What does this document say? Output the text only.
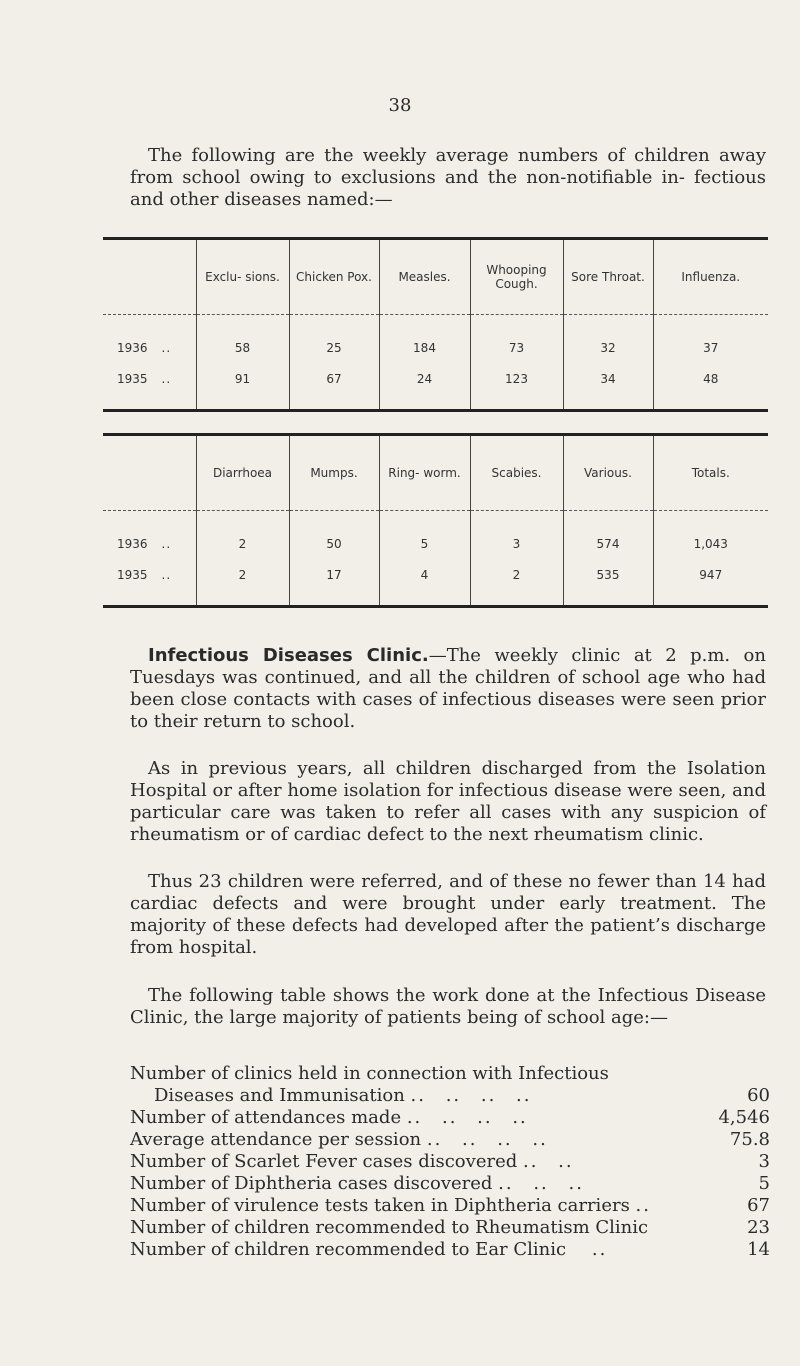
38

The following are the weekly average numbers of children away from school owing to exclusions and the non-notifiable in- fectious and other diseases named:—

	Exclu- sions.	Chicken Pox.	Measles.	Whooping Cough.	Sore Throat.	Influenza.
1936 ..	58	25	184	73	32	37
1935 ..	91	67	24	123	34	48
	Diarrhoea	Mumps.	Ring- worm.	Scabies.	Various.	Totals.
1936 ..	2	50	5	3	574	1,043
1935 ..	2	17	4	2	535	947

Infectious Diseases Clinic.—The weekly clinic at 2 p.m. on Tuesdays was continued, and all the children of school age who had been close contacts with cases of infectious diseases were seen prior to their return to school.

As in previous years, all children discharged from the Isolation Hospital or after home isolation for infectious disease were seen, and particular care was taken to refer all cases with any suspicion of rheumatism or of cardiac defect to the next rheumatism clinic.

Thus 23 children were referred, and of these no fewer than 14 had cardiac defects and were brought under early treatment. The majority of these defects had developed after the patient’s discharge from hospital.

The following table shows the work done at the Infectious Disease Clinic, the large majority of patients being of school age:—

Number of clinics held in connection with Infectious
Diseases and Immunisation .. .. .. ..	60
Number of attendances made .. .. .. ..	4,546
Average attendance per session .. .. .. ..	75.8
Number of Scarlet Fever cases discovered .. ..	3
Number of Diphtheria cases discovered .. .. ..	5
Number of virulence tests taken in Diphtheria carriers ..	67
Number of children recommended to Rheumatism Clinic	23
Number of children recommended to Ear Clinic ..	14
